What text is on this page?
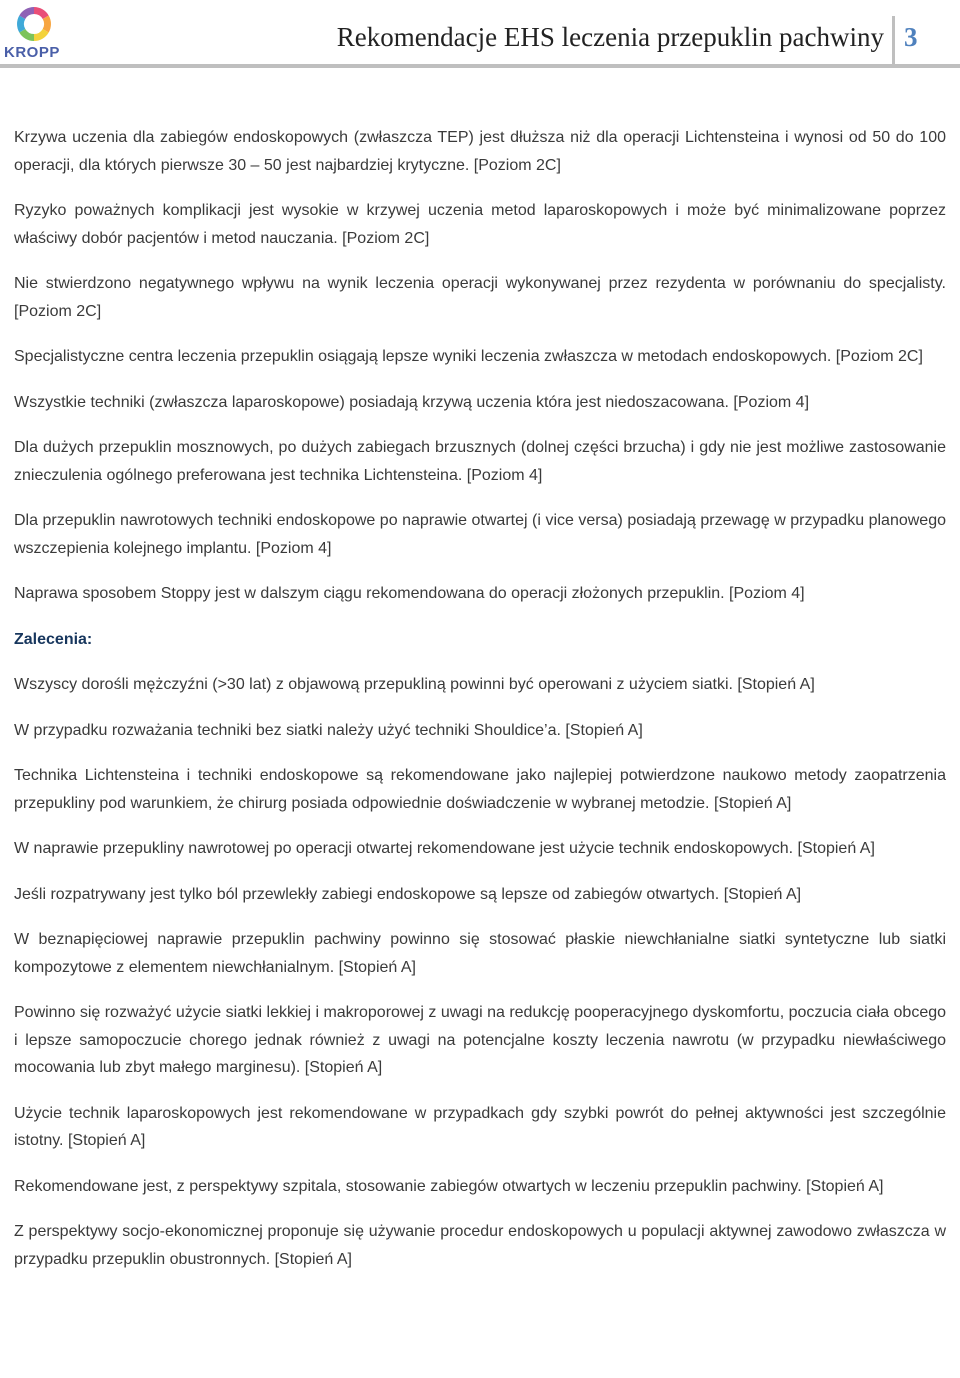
KROPP
Rekomendacje EHS leczenia przepuklin pachwiny 3

Krzywa uczenia dla zabiegów endoskopowych (zwłaszcza TEP) jest dłuższa niż dla operacji Lichtensteina i wynosi od 50 do 100 operacji, dla których pierwsze 30 – 50 jest najbardziej krytyczne. [Poziom 2C]

Ryzyko poważnych komplikacji jest wysokie w krzywej uczenia metod laparoskopowych i może być minimalizowane poprzez właściwy dobór pacjentów i metod nauczania. [Poziom 2C]

Nie stwierdzono negatywnego wpływu na wynik leczenia operacji wykonywanej przez rezydenta w porównaniu do specjalisty. [Poziom 2C]

Specjalistyczne centra leczenia przepuklin osiągają lepsze wyniki leczenia zwłaszcza w metodach endoskopowych. [Poziom 2C]

Wszystkie techniki (zwłaszcza laparoskopowe) posiadają krzywą uczenia która jest niedoszacowana. [Poziom 4]

Dla dużych przepuklin mosznowych, po dużych zabiegach brzusznych (dolnej części brzucha) i gdy nie jest możliwe zastosowanie znieczulenia ogólnego preferowana jest technika Lichtensteina. [Poziom 4]

Dla przepuklin nawrotowych techniki endoskopowe po naprawie otwartej (i vice versa) posiadają przewagę w przypadku planowego wszczepienia kolejnego implantu. [Poziom 4]

Naprawa sposobem Stoppy jest w dalszym ciągu rekomendowana do operacji złożonych przepuklin. [Poziom 4]

Zalecenia:

Wszyscy dorośli mężczyźni (>30 lat) z objawową przepukliną powinni być operowani z użyciem siatki. [Stopień A]

W przypadku rozważania techniki bez siatki należy użyć techniki Shouldice’a. [Stopień A]

Technika Lichtensteina i techniki endoskopowe są rekomendowane jako najlepiej potwierdzone naukowo metody zaopatrzenia przepukliny pod warunkiem, że chirurg posiada odpowiednie doświadczenie w wybranej metodzie. [Stopień A]

W naprawie przepukliny nawrotowej po operacji otwartej rekomendowane jest użycie technik endoskopowych. [Stopień A]

Jeśli rozpatrywany jest tylko ból przewlekły zabiegi endoskopowe są lepsze od zabiegów otwartych. [Stopień A]

W beznapięciowej naprawie przepuklin pachwiny powinno się stosować płaskie niewchłanialne siatki syntetyczne lub siatki kompozytowe z elementem niewchłanialnym. [Stopień A]

Powinno się rozważyć użycie siatki lekkiej i makroporowej z uwagi na redukcję pooperacyjnego dyskomfortu, poczucia ciała obcego i lepsze samopoczucie chorego jednak również z uwagi na potencjalne koszty leczenia nawrotu (w przypadku niewłaściwego mocowania lub zbyt małego marginesu). [Stopień A]

Użycie technik laparoskopowych jest rekomendowane w przypadkach gdy szybki powrót do pełnej aktywności jest szczególnie istotny. [Stopień A]

Rekomendowane jest, z perspektywy szpitala, stosowanie zabiegów otwartych w leczeniu przepuklin pachwiny. [Stopień A]

Z perspektywy socjo-ekonomicznej proponuje się używanie procedur endoskopowych u populacji aktywnej zawodowo zwłaszcza w przypadku przepuklin obustronnych. [Stopień A]
